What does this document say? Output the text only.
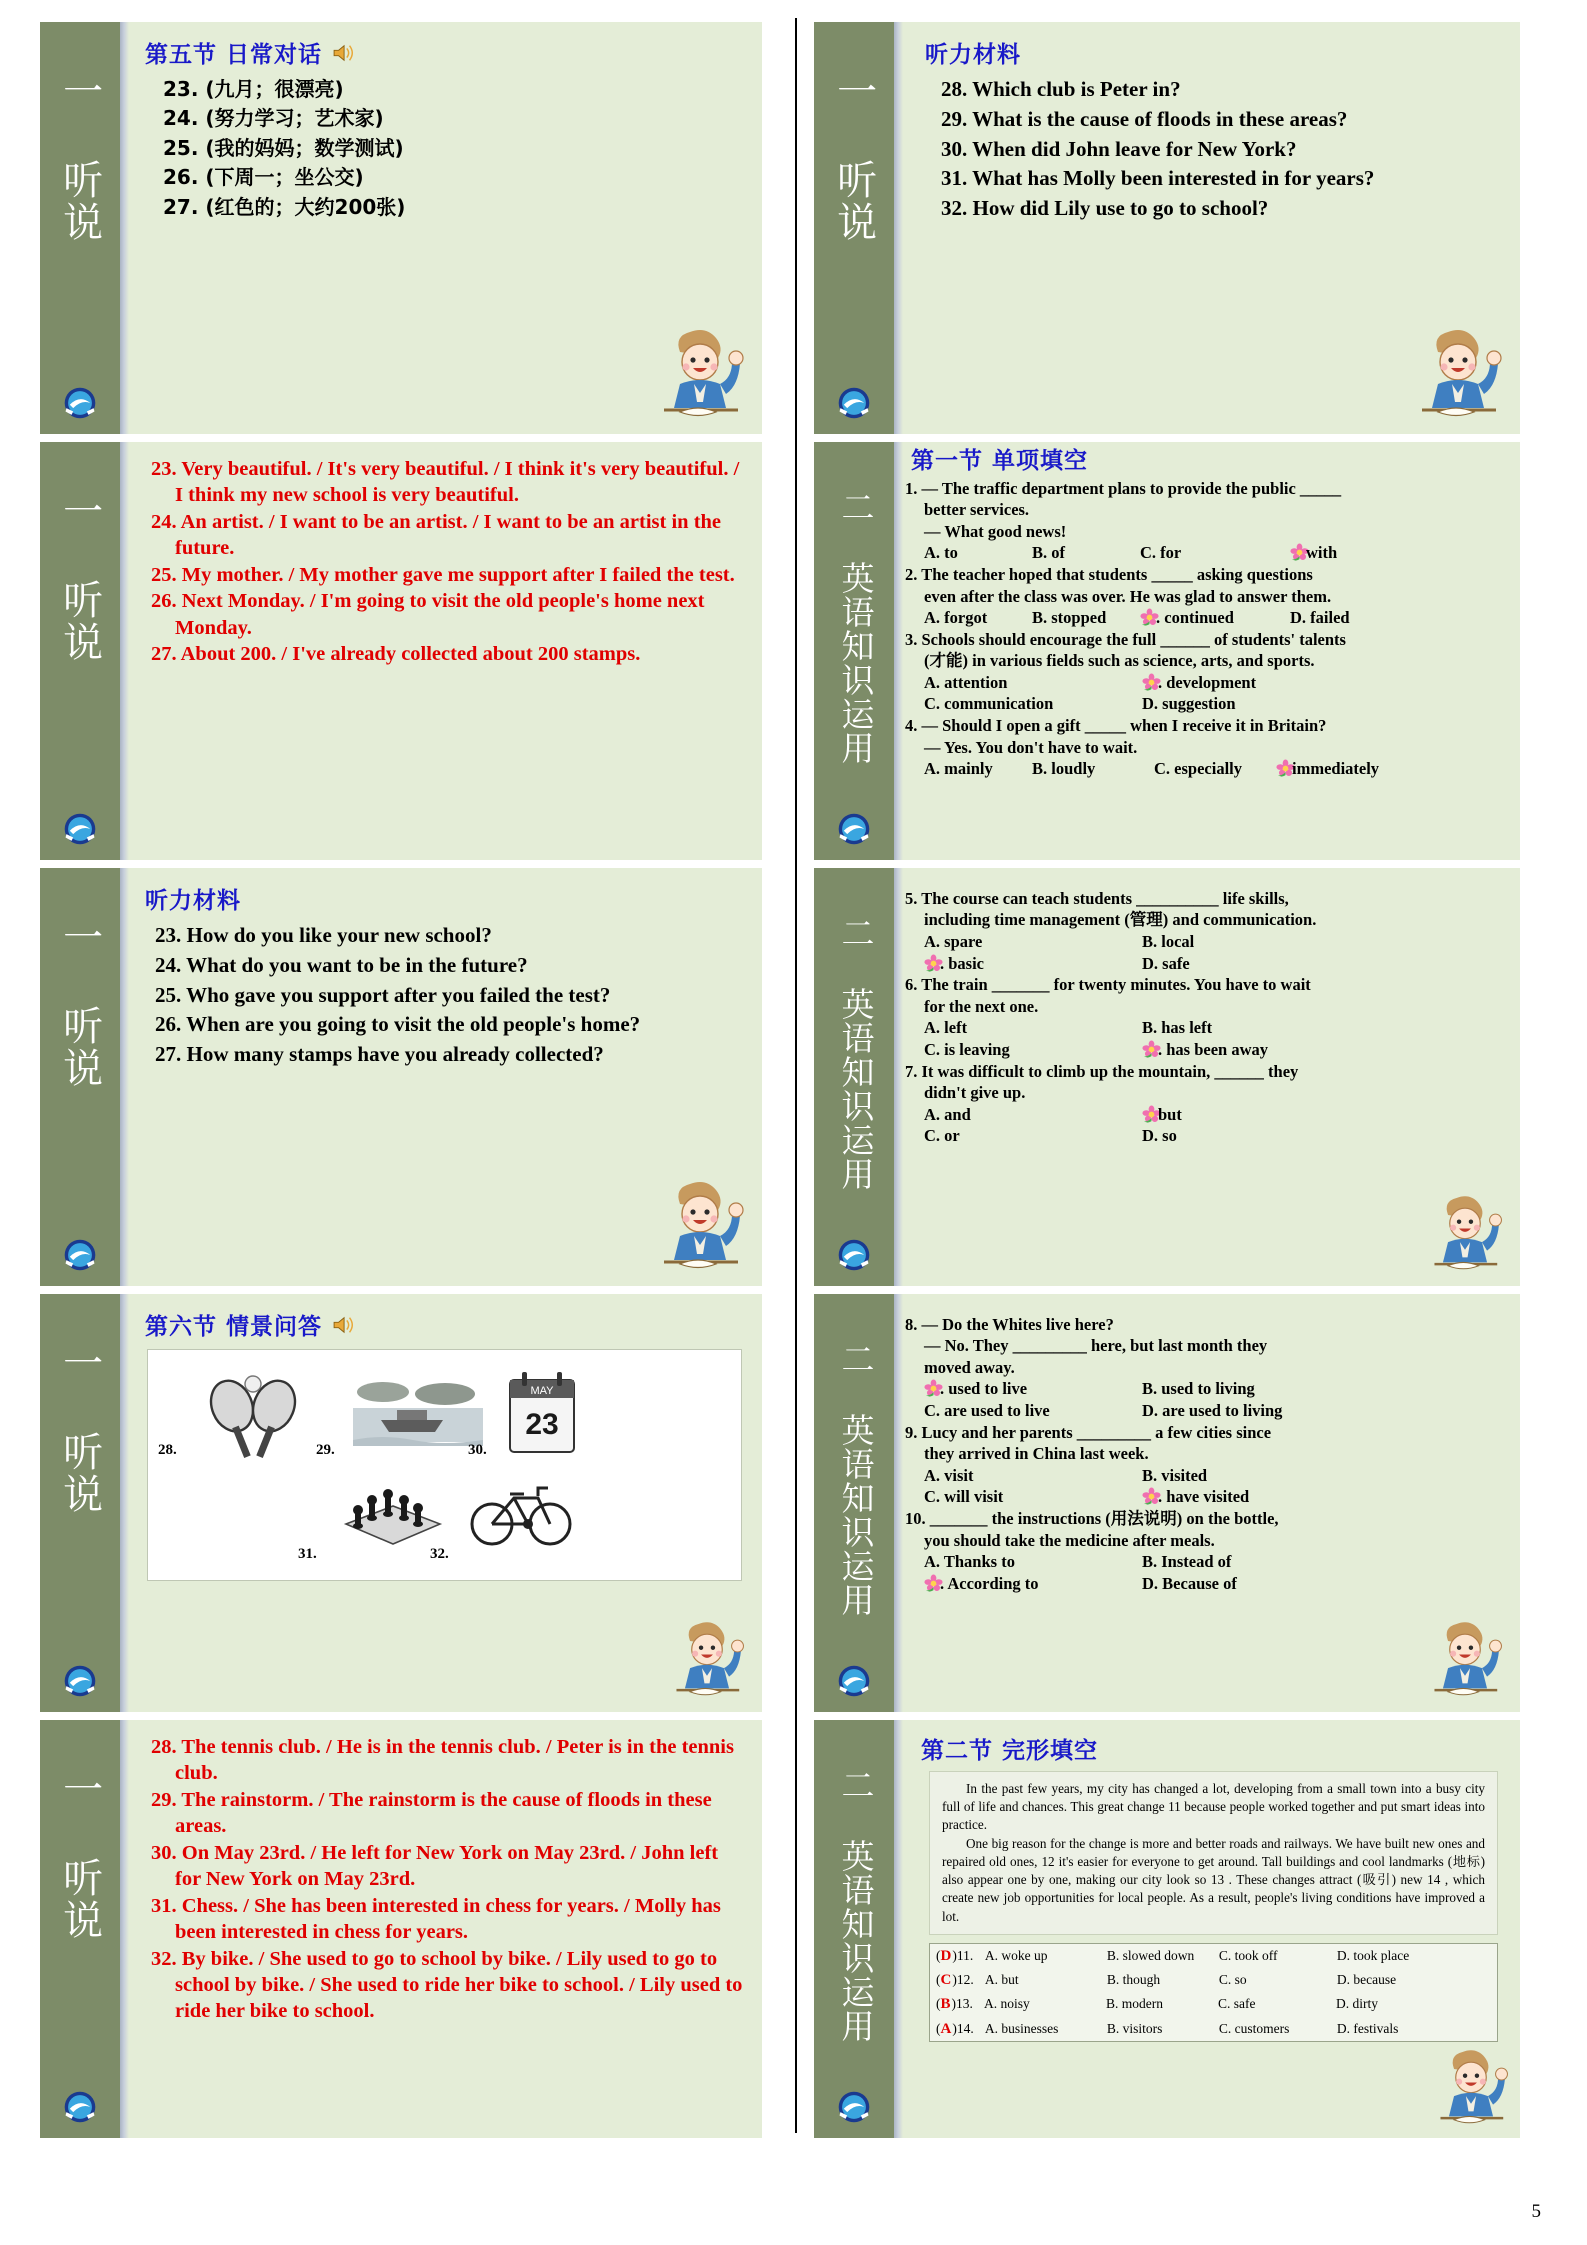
一 听说
第五节 日常对话
23. (九月；很漂亮)
24. (努力学习；艺术家)
25. (我的妈妈；数学测试)
26. (下周一；坐公交)
27. (红色的；大约200张)
一 听说
23. Very beautiful. / It's very beautiful. / I think it's very beautiful. / I think my new school is very beautiful.
24. An artist. / I want to be an artist. / I want to be an artist in the future.
25. My mother. / My mother gave me support after I failed the test.
26. Next Monday. / I'm going to visit the old people's home next Monday.
27. About 200. / I've already collected about 200 stamps.
一 听说
听力材料
23. How do you like your new school?
24. What do you want to be in the future?
25. Who gave you support after you failed the test?
26. When are you going to visit the old people's home?
27. How many stamps have you already collected?
一 听说
第六节 情景问答
28.	29.	30.
MAY
23
31.	32.
一 听说
28. The tennis club. / He is in the tennis club. / Peter is in the tennis club.
29. The rainstorm. / The rainstorm is the cause of floods in these areas.
30. On May 23rd. / He left for New York on May 23rd. / John left for New York on May 23rd.
31. Chess. / She has been interested in chess for years. / Molly has been interested in chess for years.
32. By bike. / She used to go to school by bike. / Lily used to go to school by bike. / She used to ride her bike to school. / Lily used to ride her bike to school.
一 听说
听力材料
28. Which club is Peter in?
29. What is the cause of floods in these areas?
30. When did John leave for New York?
31. What has Molly been interested in for years?
32. How did Lily use to go to school?
二 英语知识运用
第一节 单项填空
1. — The traffic department plans to provide the public _____
better services.
— What good news!
A. to	B. of	C. for	with
2. The teacher hoped that students _____ asking questions
even after the class was over. He was glad to answer them.
A. forgot	B. stopped	. continued	D. failed
3. Schools should encourage the full ______ of students' talents
(才能) in various fields such as science, arts, and sports.
A. attention	. development
C. communication	D. suggestion
4. — Should I open a gift _____ when I receive it in Britain?
— Yes. You don't have to wait.
A. mainly	B. loudly	C. especially	immediately
二 英语知识运用
5. The course can teach students __________ life skills,
including time management (管理) and communication.
A. spare	B. local
. basic	D. safe
6. The train _______ for twenty minutes. You have to wait
for the next one.
A. left	B. has left
C. is leaving	. has been away
7. It was difficult to climb up the mountain, ______ they
didn't give up.
A. and	but
C. or	D. so
二 英语知识运用
8. — Do the Whites live here?
— No. They _________ here, but last month they
moved away.
. used to live	B. used to living
C. are used to live	D. are used to living
9. Lucy and her parents _________ a few cities since
they arrived in China last week.
A. visit	B. visited
C. will visit	. have visited
10. _______ the instructions (用法说明) on the bottle,
you should take the medicine after meals.
A. Thanks to	B. Instead of
. According to	D. Because of
二 英语知识运用
第二节 完形填空

In the past few years, my city has changed a lot, developing from a small town into a busy city full of life and chances. This great change 11 because people worked together and put smart ideas into practice.

One big reason for the change is more and better roads and railways. We have built new ones and repaired old ones, 12 it's easier for everyone to get around. Tall buildings and cool landmarks (地标) also appear one by one, making our city look so 13 . These changes attract (吸引) new 14 , which create new job opportunities for local people. As a result, people's living conditions have improved a lot.

( D ) 11. A. woke up	B. slowed down	C. took off	D. took place
( C ) 12. A. but	B. though	C. so	D. because
( B ) 13. A. noisy	B. modern	C. safe	D. dirty
( A ) 14. A. businesses	B. visitors	C. customers	D. festivals
5
